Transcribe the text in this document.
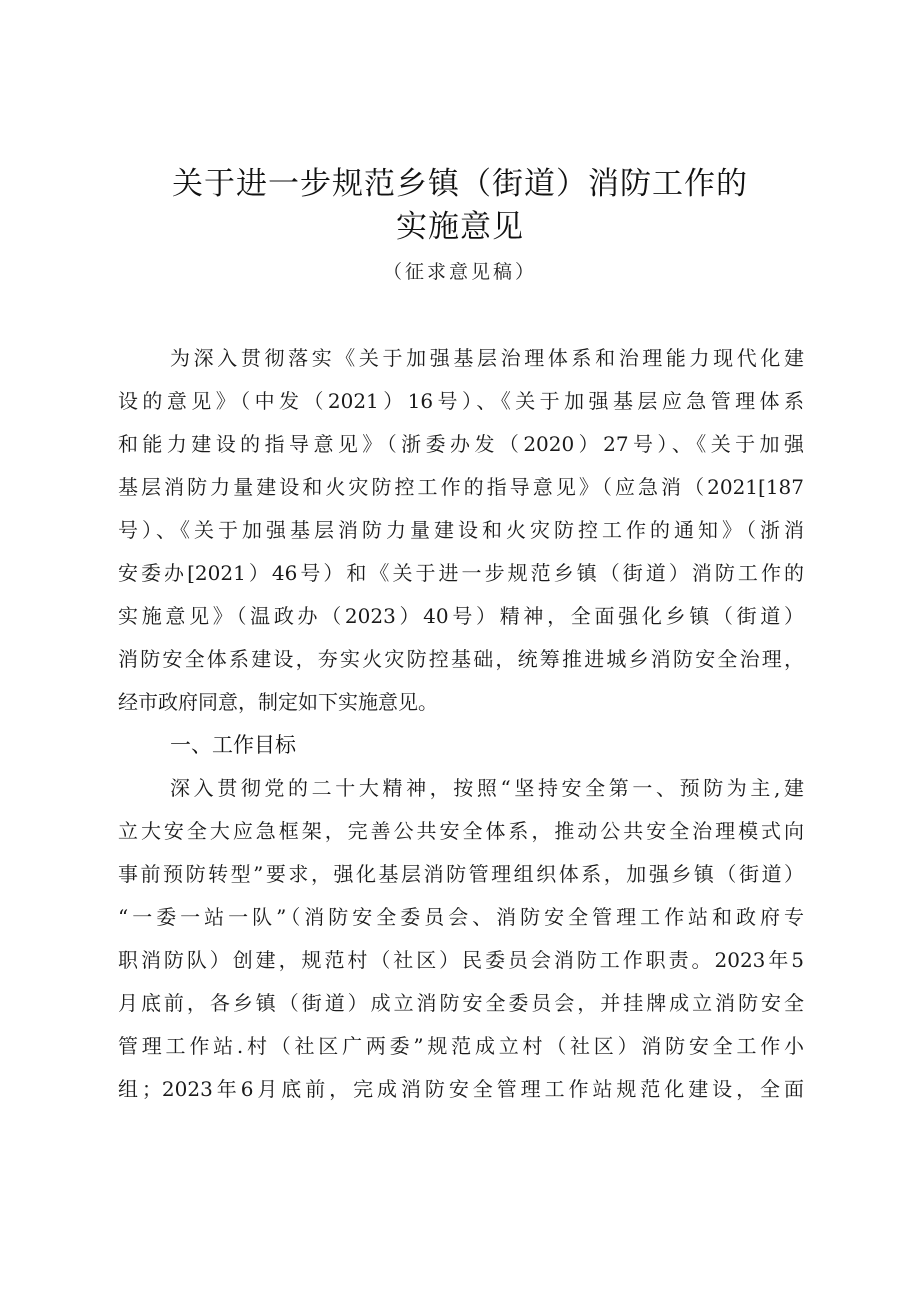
关于进一步规范乡镇（街道）消防工作的
实施意见
（征求意见稿）
为深入贯彻落实《关于加强基层治理体系和治理能力现代化建
设的意见》（中发（2021）16号）、《关于加强基层应急管理体系
和能力建设的指导意见》（浙委办发（2020）27号）、《关于加强
基层消防力量建设和火灾防控工作的指导意见》（应急消（2021[187
号）、《关于加强基层消防力量建设和火灾防控工作的通知》（浙消
安委办[2021）46号）和《关于进一步规范乡镇（街道）消防工作的
实施意见》（温政办（2023）40号）精神，全面强化乡镇（街道）
消防安全体系建设，夯实火灾防控基础，统筹推进城乡消防安全治理，
经市政府同意，制定如下实施意见。
一、工作目标
深入贯彻党的二十大精神，按照“坚持安全第一、预防为主,建
立大安全大应急框架，完善公共安全体系，推动公共安全治理模式向
事前预防转型”要求，强化基层消防管理组织体系，加强乡镇（街道）
“一委一站一队”（消防安全委员会、消防安全管理工作站和政府专
职消防队）创建，规范村（社区）民委员会消防工作职责。2023年5
月底前，各乡镇（街道）成立消防安全委员会，并挂牌成立消防安全
管理工作站.村（社区广两委”规范成立村（社区）消防安全工作小
组；2023年6月底前，完成消防安全管理工作站规范化建设，全面
